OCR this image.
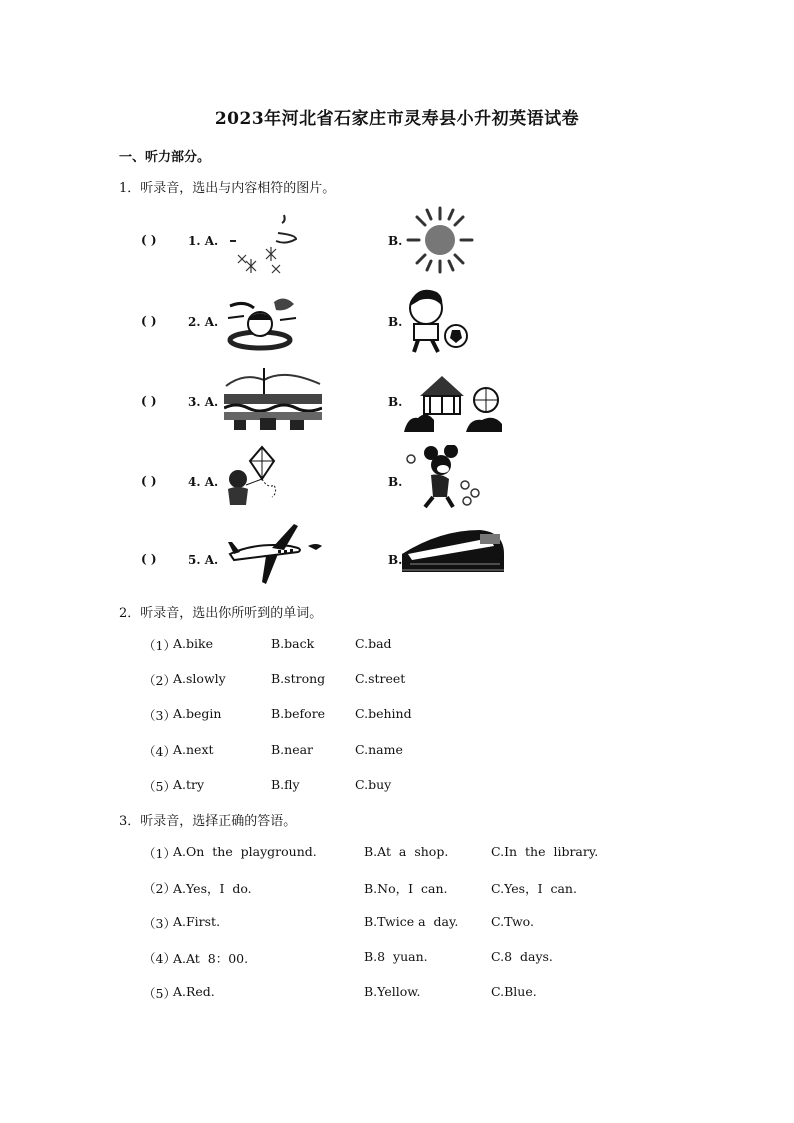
2023年河北省石家庄市灵寿县小升初英语试卷
一、听力部分。
1．听录音，选出与内容相符的图片。
( )	1. A.	B.
( )	2. A.	B.
( )	3. A.	B.
( )	4. A.	B.
( )	5. A.	B.
2．听录音，选出你所听到的单词。
（1）
A.bike	B.back	C.bad
（2）
A.slowly	B.strong C.street
（3）
A.begin	B.before C.behind
（4）
A.next	B.near	C.name
（5）
A.try	B.fly	C.buy
3．听录音，选择正确的答语。
（1）
A.On  the  playground.	B.At  a  shop.	C.In  the  library.
（2）
A.Yes，I  do.	B.No，I  can.	C.Yes，I  can.
（3）
A.First.	B.Twice a  day.	C.Two.
（4）
A.At  8：00.	B.8  yuan.	C.8  days.
（5）
A.Red.	B.Yellow.	C.Blue.
